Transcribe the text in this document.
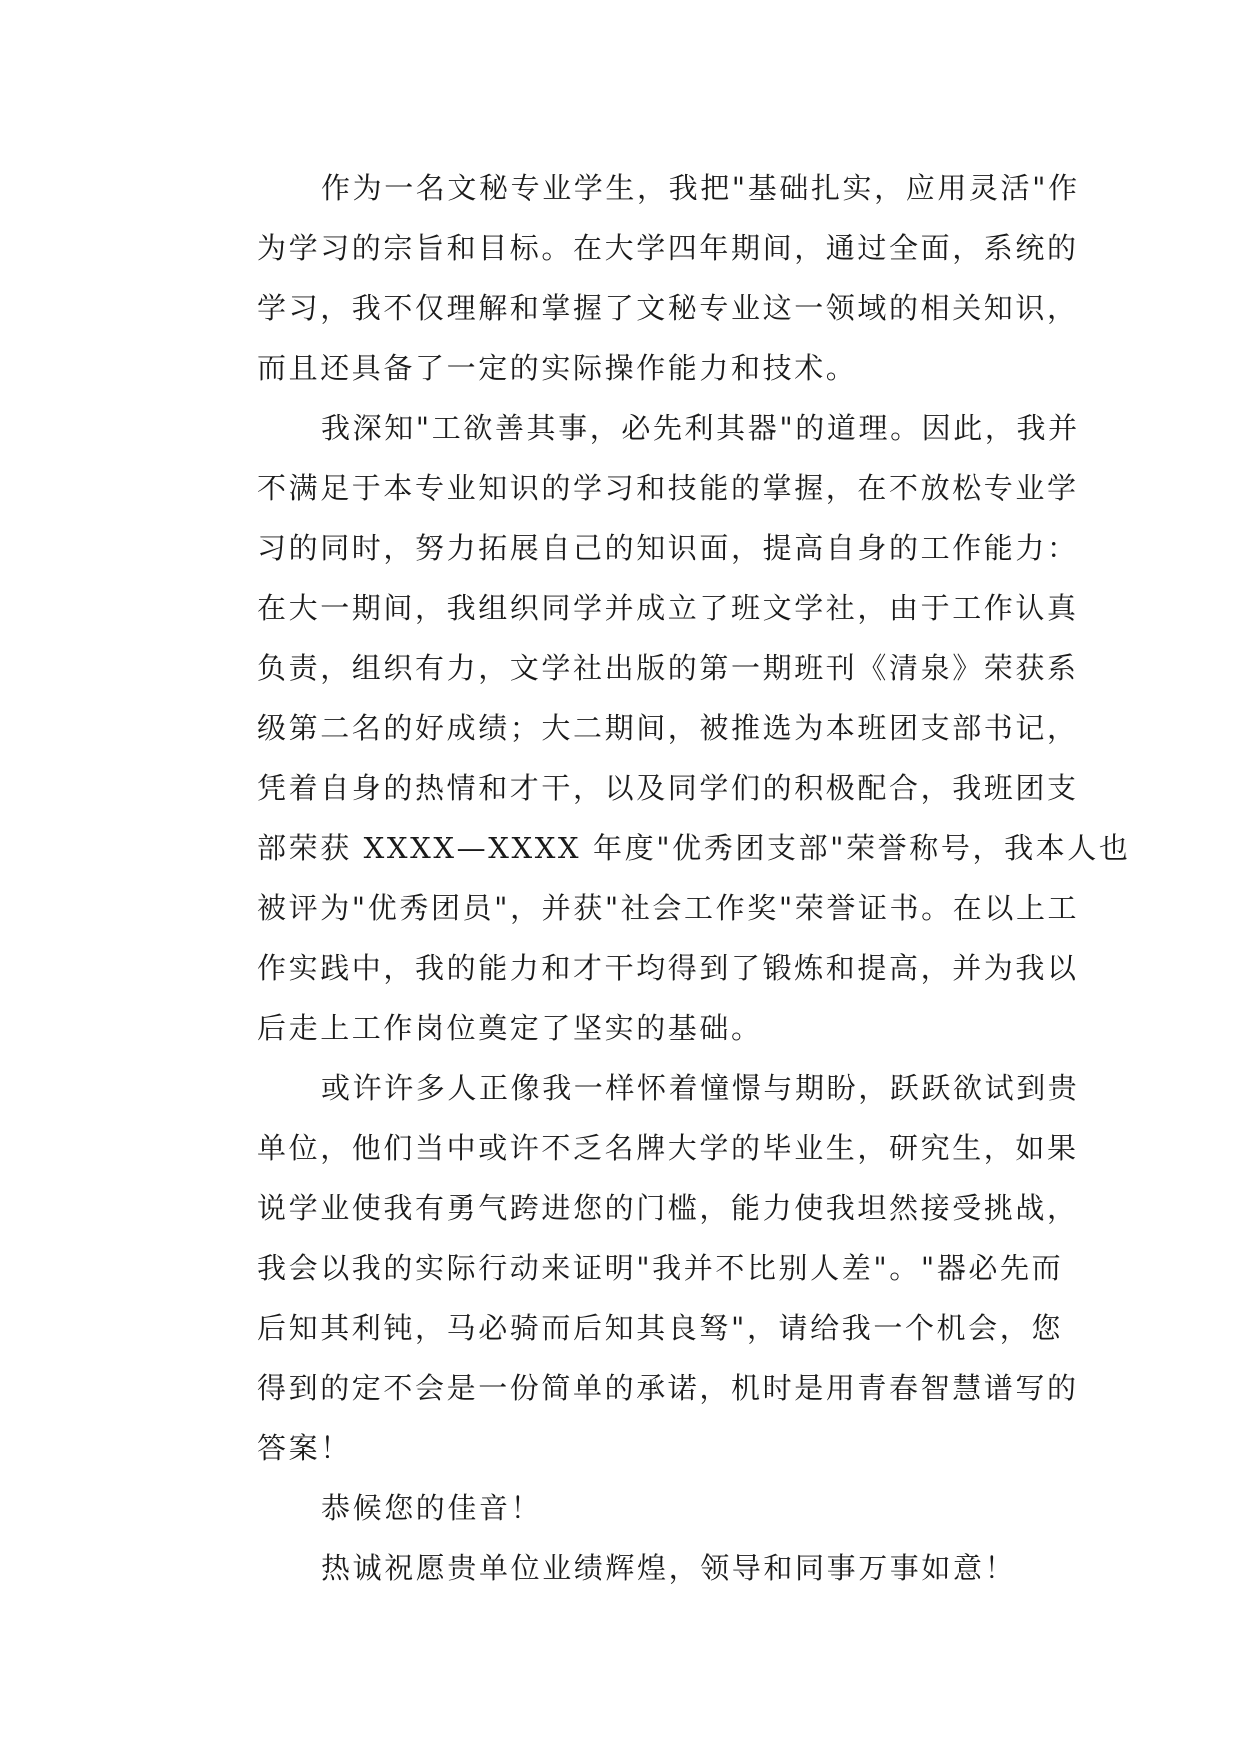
作为一名文秘专业学生，我把"基础扎实，应用灵活"作
为学习的宗旨和目标。在大学四年期间，通过全面，系统的
学习，我不仅理解和掌握了文秘专业这一领域的相关知识，
而且还具备了一定的实际操作能力和技术。
我深知"工欲善其事，必先利其器"的道理。因此，我并
不满足于本专业知识的学习和技能的掌握，在不放松专业学
习的同时，努力拓展自己的知识面，提高自身的工作能力：
在大一期间，我组织同学并成立了班文学社，由于工作认真
负责，组织有力，文学社出版的第一期班刊《清泉》荣获系
级第二名的好成绩；大二期间，被推选为本班团支部书记，
凭着自身的热情和才干，以及同学们的积极配合，我班团支
部荣获 XXXX—XXXX 年度"优秀团支部"荣誉称号，我本人也
被评为"优秀团员"，并获"社会工作奖"荣誉证书。在以上工
作实践中，我的能力和才干均得到了锻炼和提高，并为我以
后走上工作岗位奠定了坚实的基础。
或许许多人正像我一样怀着憧憬与期盼，跃跃欲试到贵
单位，他们当中或许不乏名牌大学的毕业生，研究生，如果
说学业使我有勇气跨进您的门槛，能力使我坦然接受挑战，
我会以我的实际行动来证明"我并不比别人差"。"器必先而
后知其利钝，马必骑而后知其良驽"，请给我一个机会，您
得到的定不会是一份简单的承诺，机时是用青春智慧谱写的
答案！
恭候您的佳音！
热诚祝愿贵单位业绩辉煌，领导和同事万事如意！
